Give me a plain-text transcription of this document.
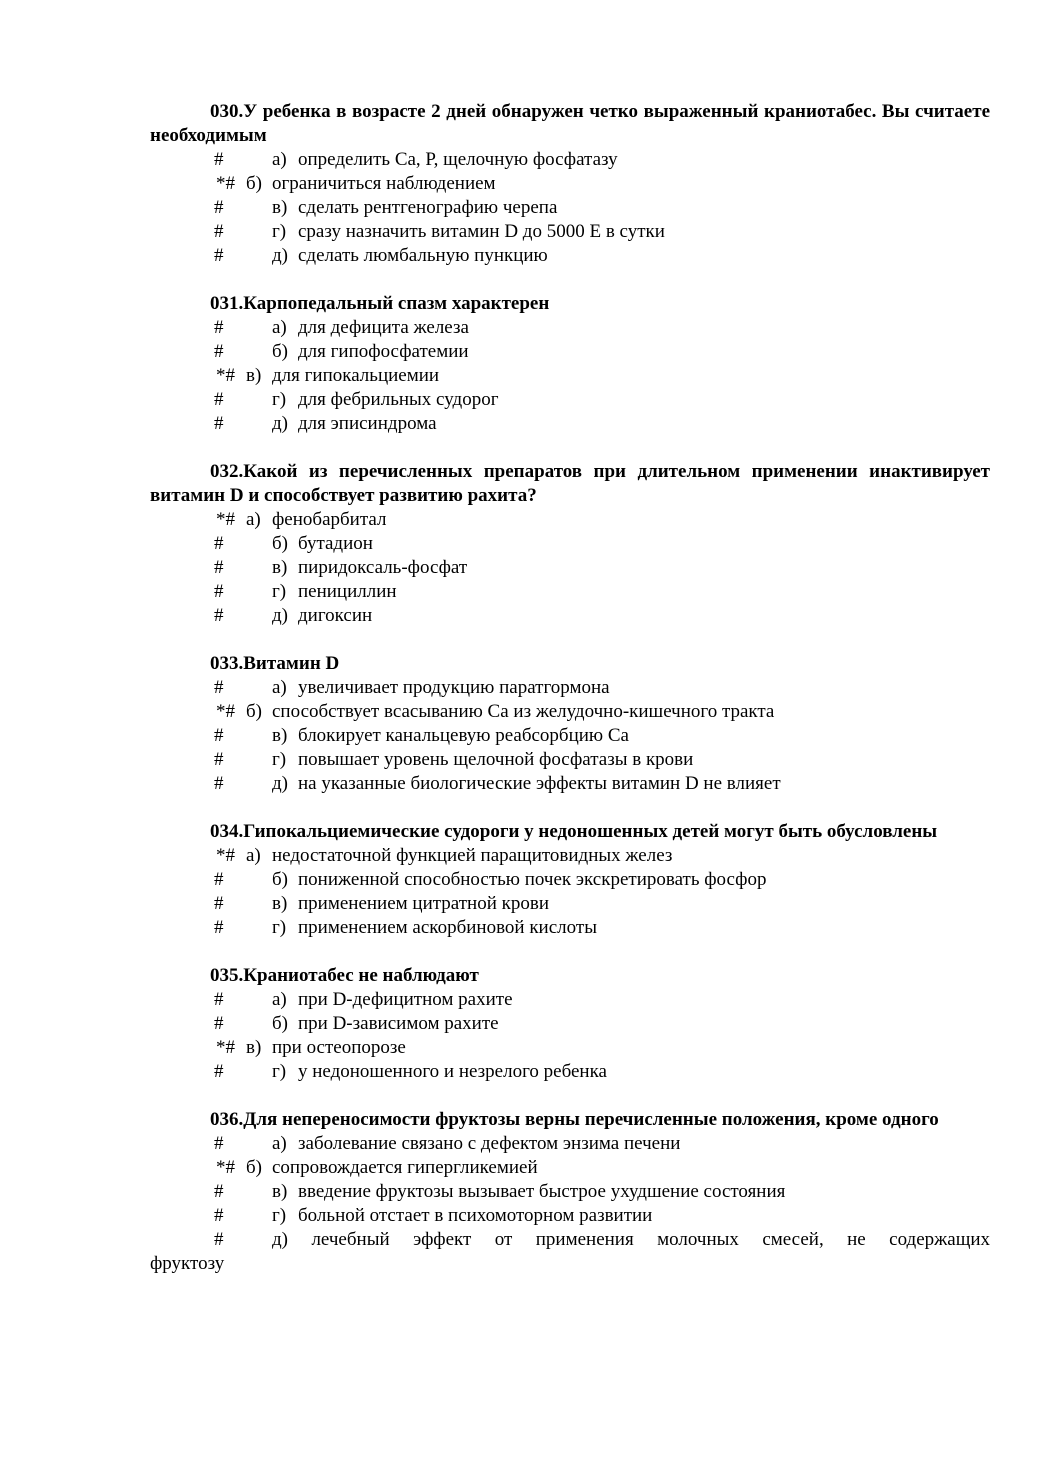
030.У ребенка в возрасте 2 дней обнаружен четко выраженный краниотабес. Вы считаете необходимым

#	а) определить Са, Р, щелочную фосфатазу
*# б) ограничиться наблюдением
#	в) сделать рентгенографию черепа
#	г) сразу назначить витамин D до 5000 Е в сутки
#	д) сделать люмбальную пункцию

031.Карпопедальный спазм характерен

#	а) для дефицита железа
#	б) для гипофосфатемии
*# в) для гипокальциемии
#	г) для фебрильных судорог
#	д) для эписиндрома

032.Какой из перечисленных препаратов при длительном применении инактивирует витамин D и способствует развитию рахита?

*# а) фенобарбитал
#	б) бутадион
#	в) пиридоксаль-фосфат
#	г) пенициллин
#	д) дигоксин

033.Витамин D

#	а) увеличивает продукцию паратгормона
*# б) способствует всасыванию Са из желудочно-кишечного тракта
#	в) блокирует канальцевую реабсорбцию Са
#	г) повышает уровень щелочной фосфатазы в крови
#	д) на указанные биологические эффекты витамин D не влияет

034.Гипокальциемические судороги у недоношенных детей могут быть обусловлены

*# а) недостаточной функцией паращитовидных желез
#	б) пониженной способностью почек экскретировать фосфор
#	в) применением цитратной крови
#	г) применением аскорбиновой кислоты

035.Краниотабес не наблюдают

#	а) при D-дефицитном рахите
#	б) при D-зависимом рахите
*# в) при остеопорозе
#	г) у недоношенного и незрелого ребенка

036.Для непереносимости фруктозы верны перечисленные положения, кроме одного

#	а) заболевание связано с дефектом энзима печени
*# б) сопровождается гипергликемией
#	в) введение фруктозы вызывает быстрое ухудшение состояния
#	г) больной отстает в психомоторном развитии
#	д) лечебный эффект от применения молочных смесей, не содержащих
фруктозу
